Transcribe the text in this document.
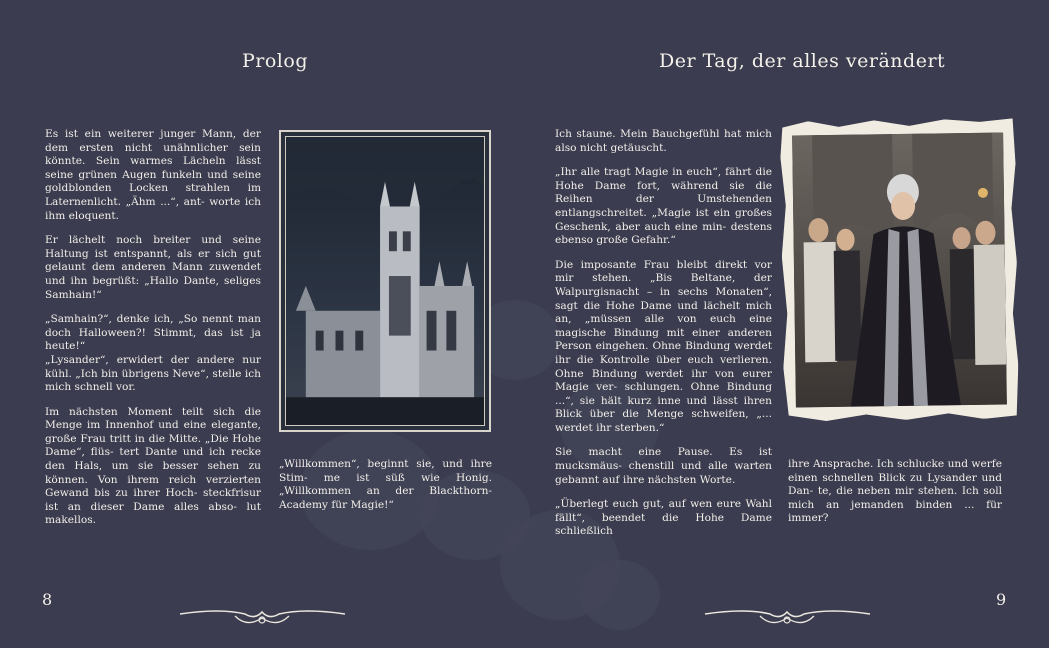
Prolog

Es ist ein weiterer junger Mann, der dem ersten nicht unähnlicher sein könnte. Sein warmes Lächeln lässt seine grünen Augen funkeln und seine goldblonden Locken strahlen im Laternenlicht. „Ähm ...“, ant- worte ich ihm eloquent.

Er lächelt noch breiter und seine Haltung ist entspannt, als er sich gut gelaunt dem anderen Mann zuwendet und ihn begrüßt: „Hallo Dante, seliges Samhain!“

„Samhain?“, denke ich, „So nennt man doch Halloween?! Stimmt, das ist ja heute!“
„Lysander“, erwidert der andere nur kühl. „Ich bin übrigens Neve“, stelle ich mich schnell vor.

Im nächsten Moment teilt sich die Menge im Innenhof und eine elegante, große Frau tritt in die Mitte. „Die Hohe Dame“, flüs- tert Dante und ich recke den Hals, um sie besser sehen zu können. Von ihrem reich verzierten Gewand bis zu ihrer Hoch- steckfrisur ist an dieser Dame alles abso- lut makellos.

„Willkommen“, beginnt sie, und ihre Stim- me ist süß wie Honig. „Willkommen an der Blackthorn-Academy für Magie!“

8
Der Tag, der alles verändert

Ich staune. Mein Bauchgefühl hat mich also nicht getäuscht.

„Ihr alle tragt Magie in euch“, fährt die Hohe Dame fort, während sie die Reihen der Umstehenden entlangschreitet. „Magie ist ein großes Geschenk, aber auch eine min- destens ebenso große Gefahr.“

Die imposante Frau bleibt direkt vor mir stehen. „Bis Beltane, der Walpurgisnacht – in sechs Monaten“, sagt die Hohe Dame und lächelt mich an, „müssen alle von euch eine magische Bindung mit einer anderen Person eingehen. Ohne Bindung werdet ihr die Kontrolle über euch verlieren. Ohne Bindung werdet ihr von eurer Magie ver- schlungen. Ohne Bindung ...“, sie hält kurz inne und lässt ihren Blick über die Menge schweifen, „... werdet ihr sterben.“

Sie macht eine Pause. Es ist mucksmäus- chenstill und alle warten gebannt auf ihre nächsten Worte.

„Überlegt euch gut, auf wen eure Wahl fällt“, beendet die Hohe Dame schließlich

ihre Ansprache. Ich schlucke und werfe einen schnellen Blick zu Lysander und Dan- te, die neben mir stehen. Ich soll mich an jemanden binden ... für immer?

9
